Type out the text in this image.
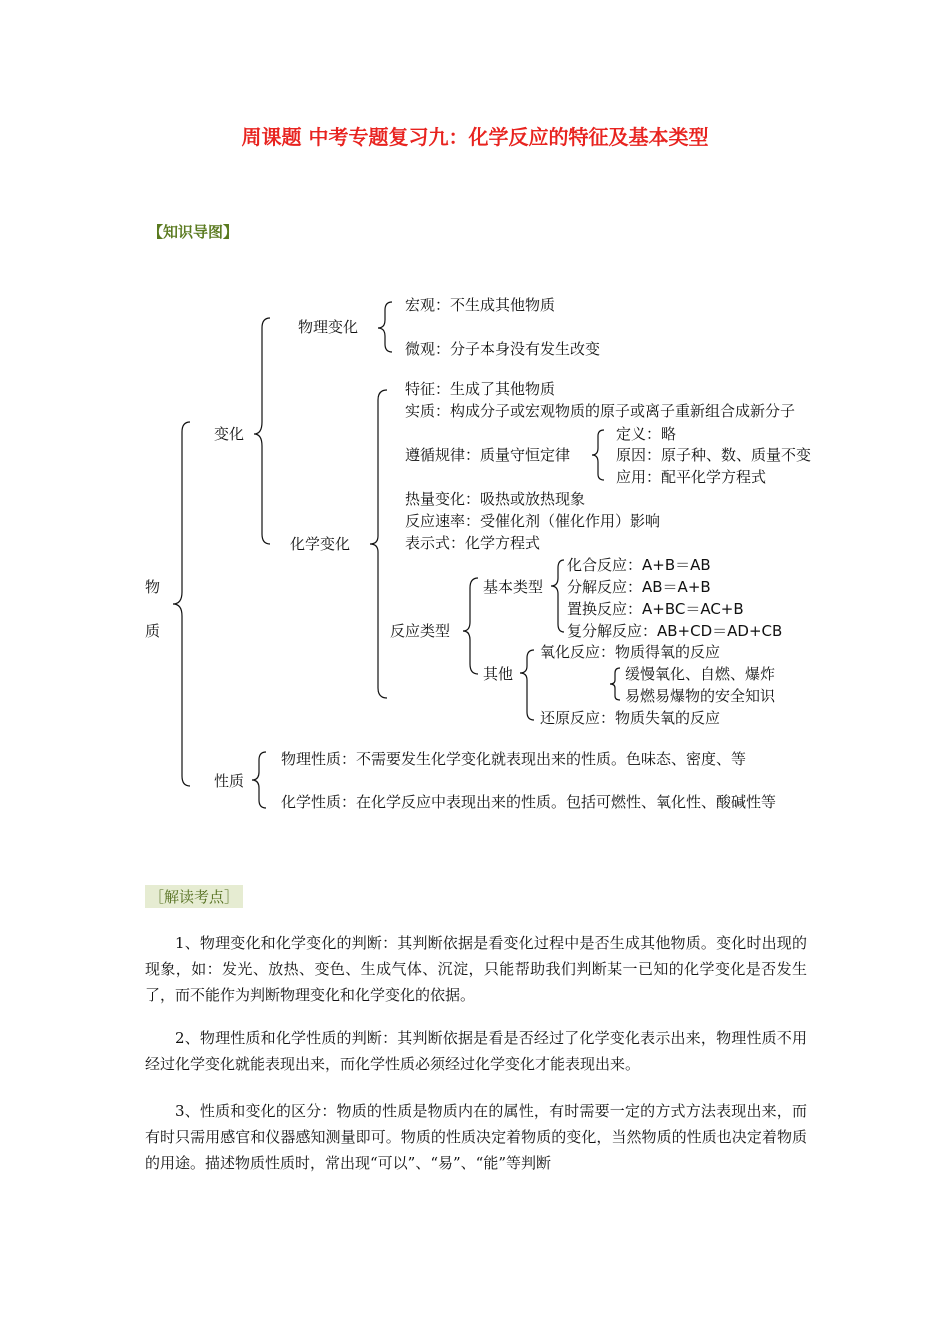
周课题 中考专题复习九：化学反应的特征及基本类型
【知识导图】
物
质
变化
物理变化
宏观：不生成其他物质
微观：分子本身没有发生改变
化学变化
特征：生成了其他物质
实质：构成分子或宏观物质的原子或离子重新组合成新分子
遵循规律：质量守恒定律
定义：略
原因：原子种、数、质量不变
应用：配平化学方程式
热量变化：吸热或放热现象
反应速率：受催化剂（催化作用）影响
表示式：化学方程式
反应类型
基本类型
化合反应：A+B＝AB
分解反应：AB＝A+B
置换反应：A+BC＝AC+B
复分解反应：AB+CD＝AD+CB
其他
氧化反应：物质得氧的反应
缓慢氧化、自燃、爆炸
易燃易爆物的安全知识
还原反应：物质失氧的反应
性质
物理性质：不需要发生化学变化就表现出来的性质。色味态、密度、等
化学性质：在化学反应中表现出来的性质。包括可燃性、氧化性、酸碱性等
［解读考点］
1、物理变化和化学变化的判断：其判断依据是看变化过程中是否生成其他物质。变化时出现的现象，如：发光、放热、变色、生成气体、沉淀，只能帮助我们判断某一已知的化学变化是否发生了，而不能作为判断物理变化和化学变化的依据。
2、物理性质和化学性质的判断：其判断依据是看是否经过了化学变化表示出来，物理性质不用经过化学变化就能表现出来，而化学性质必须经过化学变化才能表现出来。
3、性质和变化的区分：物质的性质是物质内在的属性，有时需要一定的方式方法表现出来，而有时只需用感官和仪器感知测量即可。物质的性质决定着物质的变化，当然物质的性质也决定着物质的用途。描述物质性质时，常出现“可以”、“易”、“能”等判断
